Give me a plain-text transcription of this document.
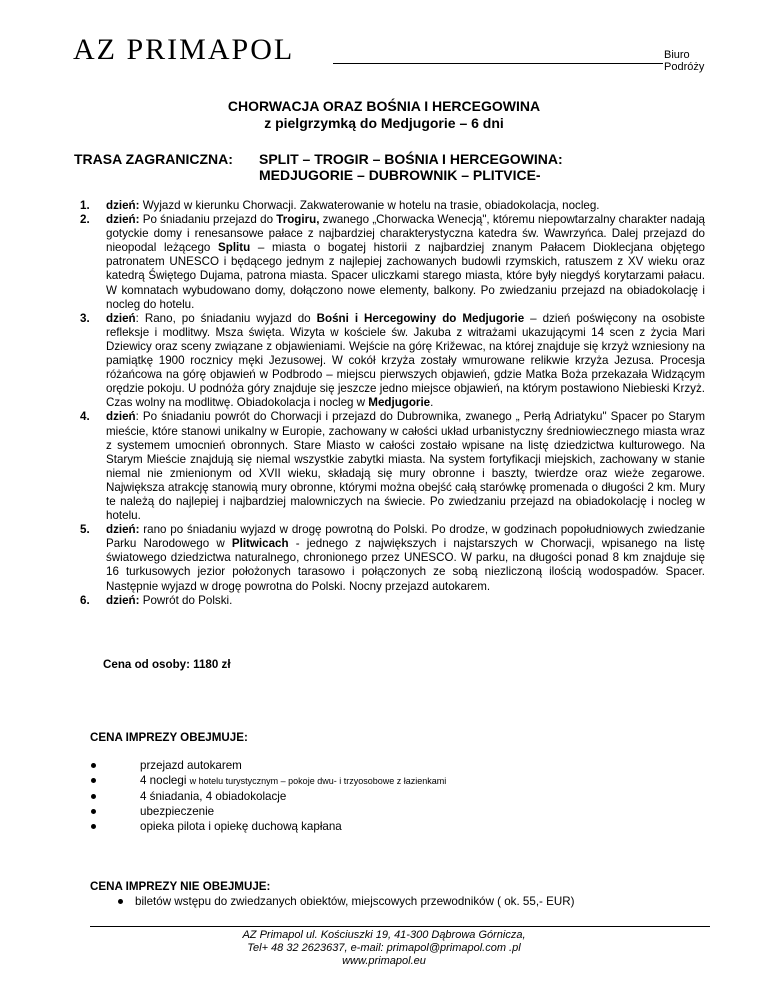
AZ PRIMAPOL	Biuro Podróży
CHORWACJA ORAZ BOŚNIA I HERCEGOWINA
z pielgrzymką do Medjugorie – 6 dni
TRASA ZAGRANICZNA: SPLIT – TROGIR – BOŚNIA I HERCEGOWINA:
MEDJUGORIE – DUBROWNIK – PLITVICE-
1. dzień: Wyjazd w kierunku Chorwacji. Zakwaterowanie w hotelu na trasie, obiadokolacja, nocleg.
2. dzień: Po śniadaniu przejazd do Trogiru, zwanego „Chorwacka Wenecją", któremu niepowtarzalny charakter nadają gotyckie domy i renesansowe pałace z najbardziej charakterystyczna katedra św. Wawrzyńca. Dalej przejazd do nieopodal leżącego Splitu – miasta o bogatej historii z najbardziej znanym Pałacem Dioklecjana objętego patronatem UNESCO i będącego jednym z najlepiej zachowanych budowli rzymskich, ratuszem z XV wieku oraz katedrą Świętego Dujama, patrona miasta. Spacer uliczkami starego miasta, które były niegdyś korytarzami pałacu. W komnatach wybudowano domy, dołączono nowe elementy, balkony. Po zwiedzaniu przejazd na obiadokolację i nocleg do hotelu.
3. dzień: Rano, po śniadaniu wyjazd do Bośni i Hercegowiny do Medjugorie – dzień poświęcony na osobiste refleksje i modlitwy. Msza święta. Wizyta w kościele św. Jakuba z witrażami ukazującymi 14 scen z życia Mari Dziewicy oraz sceny związane z objawieniami. Wejście na górę Križewac, na której znajduje się krzyż wzniesiony na pamiątkę 1900 rocznicy męki Jezusowej. W cokół krzyża zostały wmurowane relikwie krzyża Jezusa. Procesja różańcowa na górę objawień w Podbrodo – miejscu pierwszych objawień, gdzie Matka Boża przekazała Widzącym orędzie pokoju. U podnóża góry znajduje się jeszcze jedno miejsce objawień, na którym postawiono Niebieski Krzyż. Czas wolny na modlitwę. Obiadokolacja i nocleg w Medjugorie.
4. dzień: Po śniadaniu powrót do Chorwacji i przejazd do Dubrownika, zwanego „ Perłą Adriatyku" Spacer po Starym mieście, które stanowi unikalny w Europie, zachowany w całości układ urbanistyczny średniowiecznego miasta wraz z systemem umocnień obronnych. Stare Miasto w całości zostało wpisane na listę dziedzictwa kulturowego. Na Starym Mieście znajdują się niemal wszystkie zabytki miasta. Na system fortyfikacji miejskich, zachowany w stanie niemal nie zmienionym od XVII wieku, składają się mury obronne i baszty, twierdze oraz wieże zegarowe. Największa atrakcję stanowią mury obronne, którymi można obejść całą starówkę promenada o długości 2 km. Mury te należą do najlepiej i najbardziej malowniczych na świecie. Po zwiedzaniu przejazd na obiadokolację i nocleg w hotelu.
5. dzień: rano po śniadaniu wyjazd w drogę powrotną do Polski. Po drodze, w godzinach popołudniowych zwiedzanie Parku Narodowego w Plitwicach - jednego z największych i najstarszych w Chorwacji, wpisanego na listę światowego dziedzictwa naturalnego, chronionego przez UNESCO. W parku, na długości ponad 8 km znajduje się 16 turkusowych jezior położonych tarasowo i połączonych ze sobą niezliczoną ilością wodospadów. Spacer. Następnie wyjazd w drogę powrotna do Polski. Nocny przejazd autokarem.
6. dzień: Powrót do Polski.
Cena od osoby: 1180 zł
CENA IMPREZY OBEJMUJE:
przejazd autokarem
4 noclegi w hotelu turystycznym – pokoje dwu- i trzyosobowe z łazienkami
4 śniadania, 4 obiadokolacje
ubezpieczenie
opieka pilota i opiekę duchową kapłana
CENA IMPREZY NIE OBEJMUJE:
biletów wstępu do zwiedzanych obiektów, miejscowych przewodników ( ok. 55,- EUR)
AZ Primapol ul. Kościuszki 19, 41-300 Dąbrowa Górnicza,
Tel+ 48 32 2623637, e-mail: primapol@primapol.com .pl
www.primapol.eu
